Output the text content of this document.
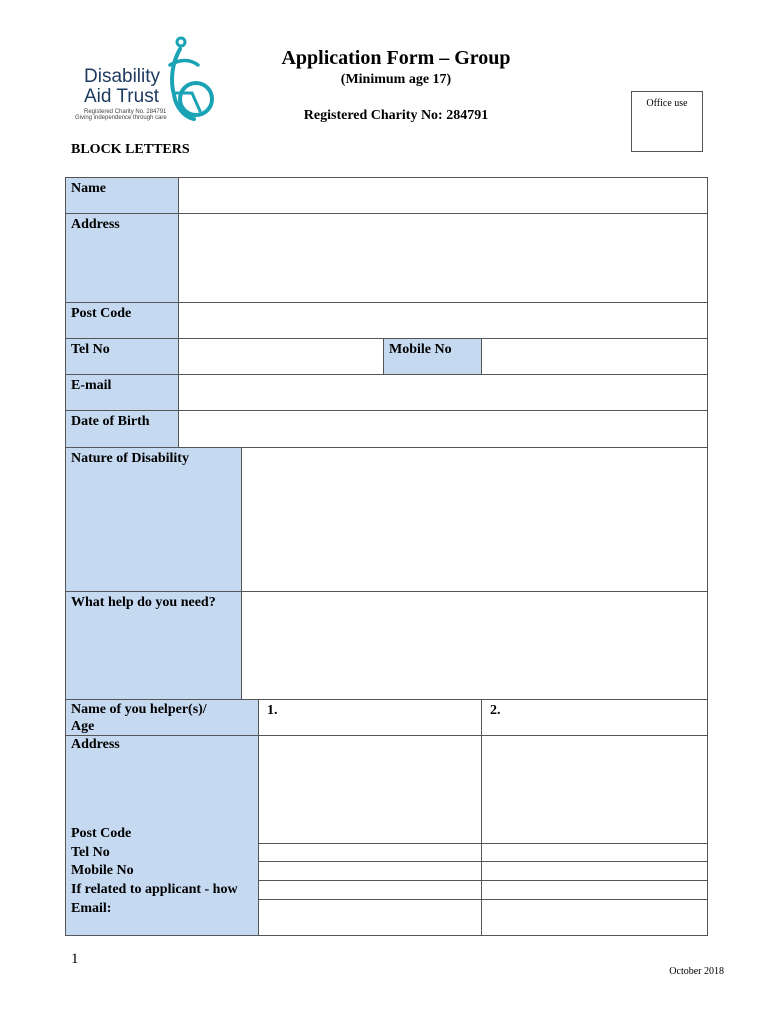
Disability
Aid Trust
Registered Charity No. 284791
Giving independence through care
Application Form – Group
(Minimum age 17)
Registered Charity No: 284791
Office use
BLOCK LETTERS
Name
Address
Post Code
Tel No	Mobile No
E-mail
Date of Birth
Nature of Disability
What help do you need?
Name of you helper(s)/
Age
Address
Post Code
Tel No
Mobile No
If related to applicant - how
Email:
1.	2.
1
October 2018
